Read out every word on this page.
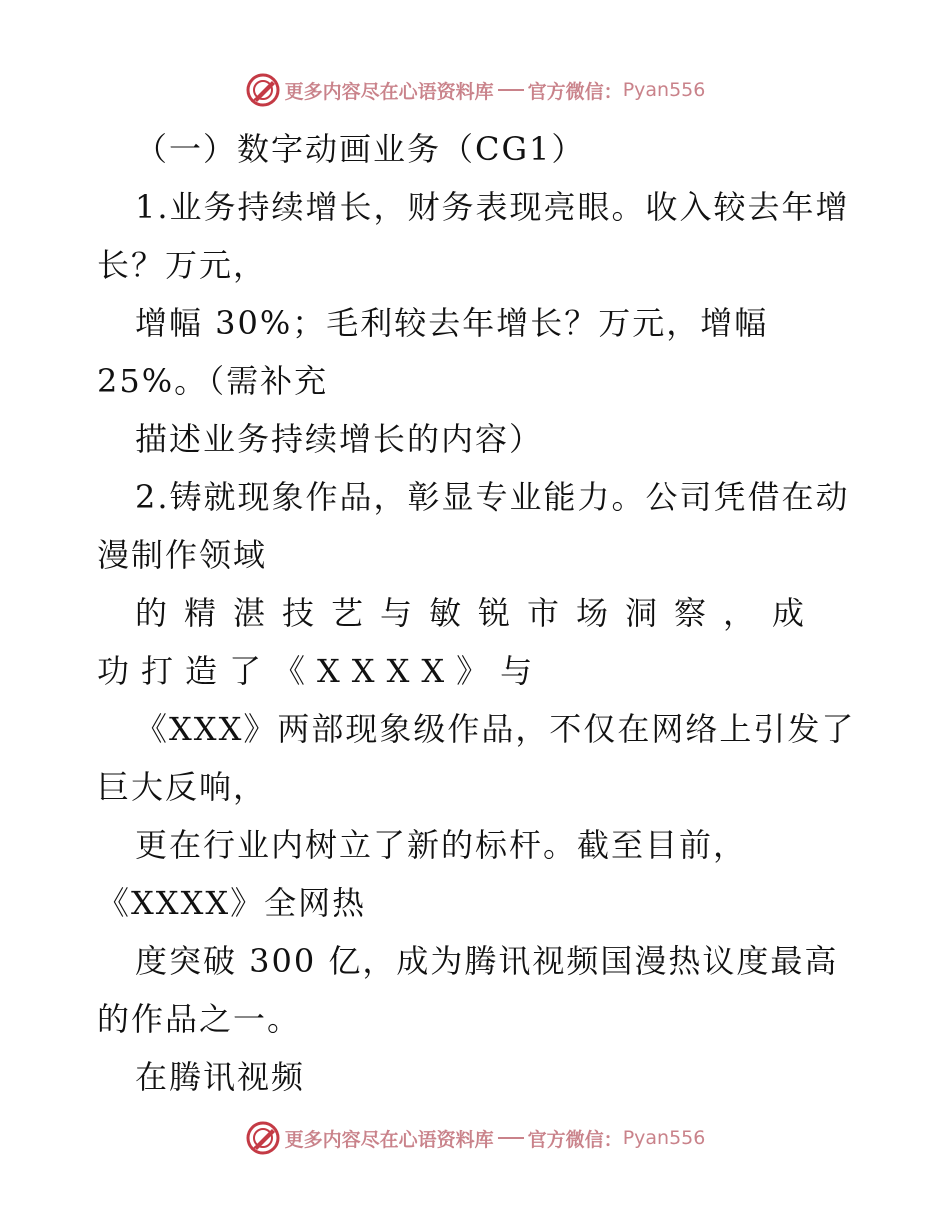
更多内容尽在心语资料库 官方微信： Pyan556
（一）数字动画业务（CG1）
1.业务持续增长，财务表现亮眼。收入较去年增
长？万元，
增幅 30%；毛利较去年增长？万元，增幅
25%。（需补充
描述业务持续增长的内容）
2.铸就现象作品，彰显专业能力。公司凭借在动
漫制作领域
的精湛技艺与敏锐市场洞察，成
功打造了《XXXX》与
《XXX》两部现象级作品，不仅在网络上引发了
巨大反响，
更在行业内树立了新的标杆。截至目前，
《XXXX》全网热
度突破 300 亿，成为腾讯视频国漫热议度最高
的作品之一。
在腾讯视频
更多内容尽在心语资料库 官方微信： Pyan556
